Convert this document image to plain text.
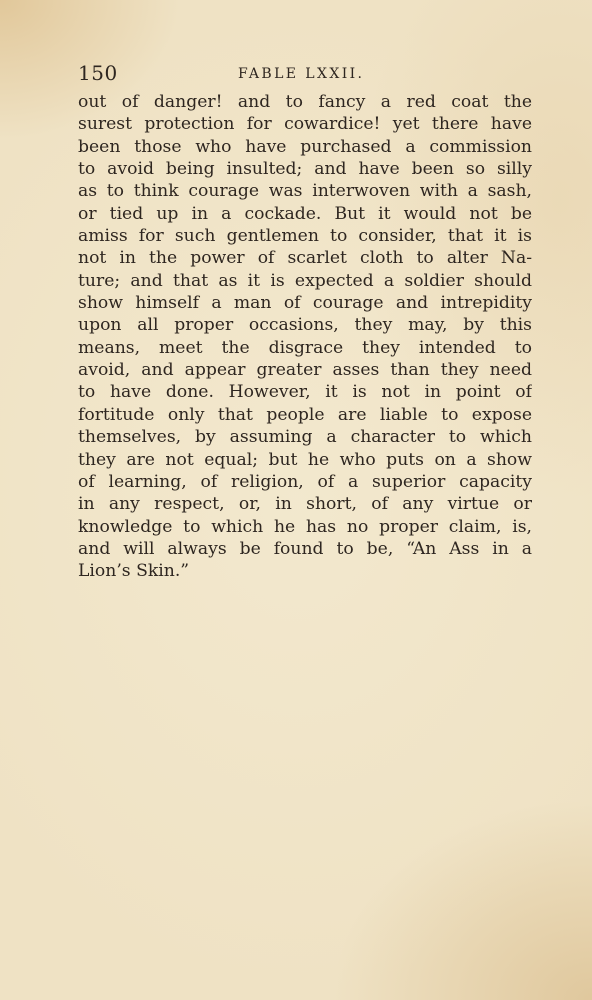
150	FABLE LXXII.
out of danger! and to fancy a red coat the
surest protection for cowardice! yet there have
been those who have purchased a commission
to avoid being insulted; and have been so silly
as to think courage was interwoven with a sash,
or tied up in a cockade. But it would not be
amiss for such gentlemen to consider, that it is
not in the power of scarlet cloth to alter Na-
ture; and that as it is expected a soldier should
show himself a man of courage and intrepidity
upon all proper occasions, they may, by this
means, meet the disgrace they intended to
avoid, and appear greater asses than they need
to have done. However, it is not in point of
fortitude only that people are liable to expose
themselves, by assuming a character to which
they are not equal; but he who puts on a show
of learning, of religion, of a superior capacity
in any respect, or, in short, of any virtue or
knowledge to which he has no proper claim, is,
and will always be found to be, “An Ass in a
Lion’s Skin.”
